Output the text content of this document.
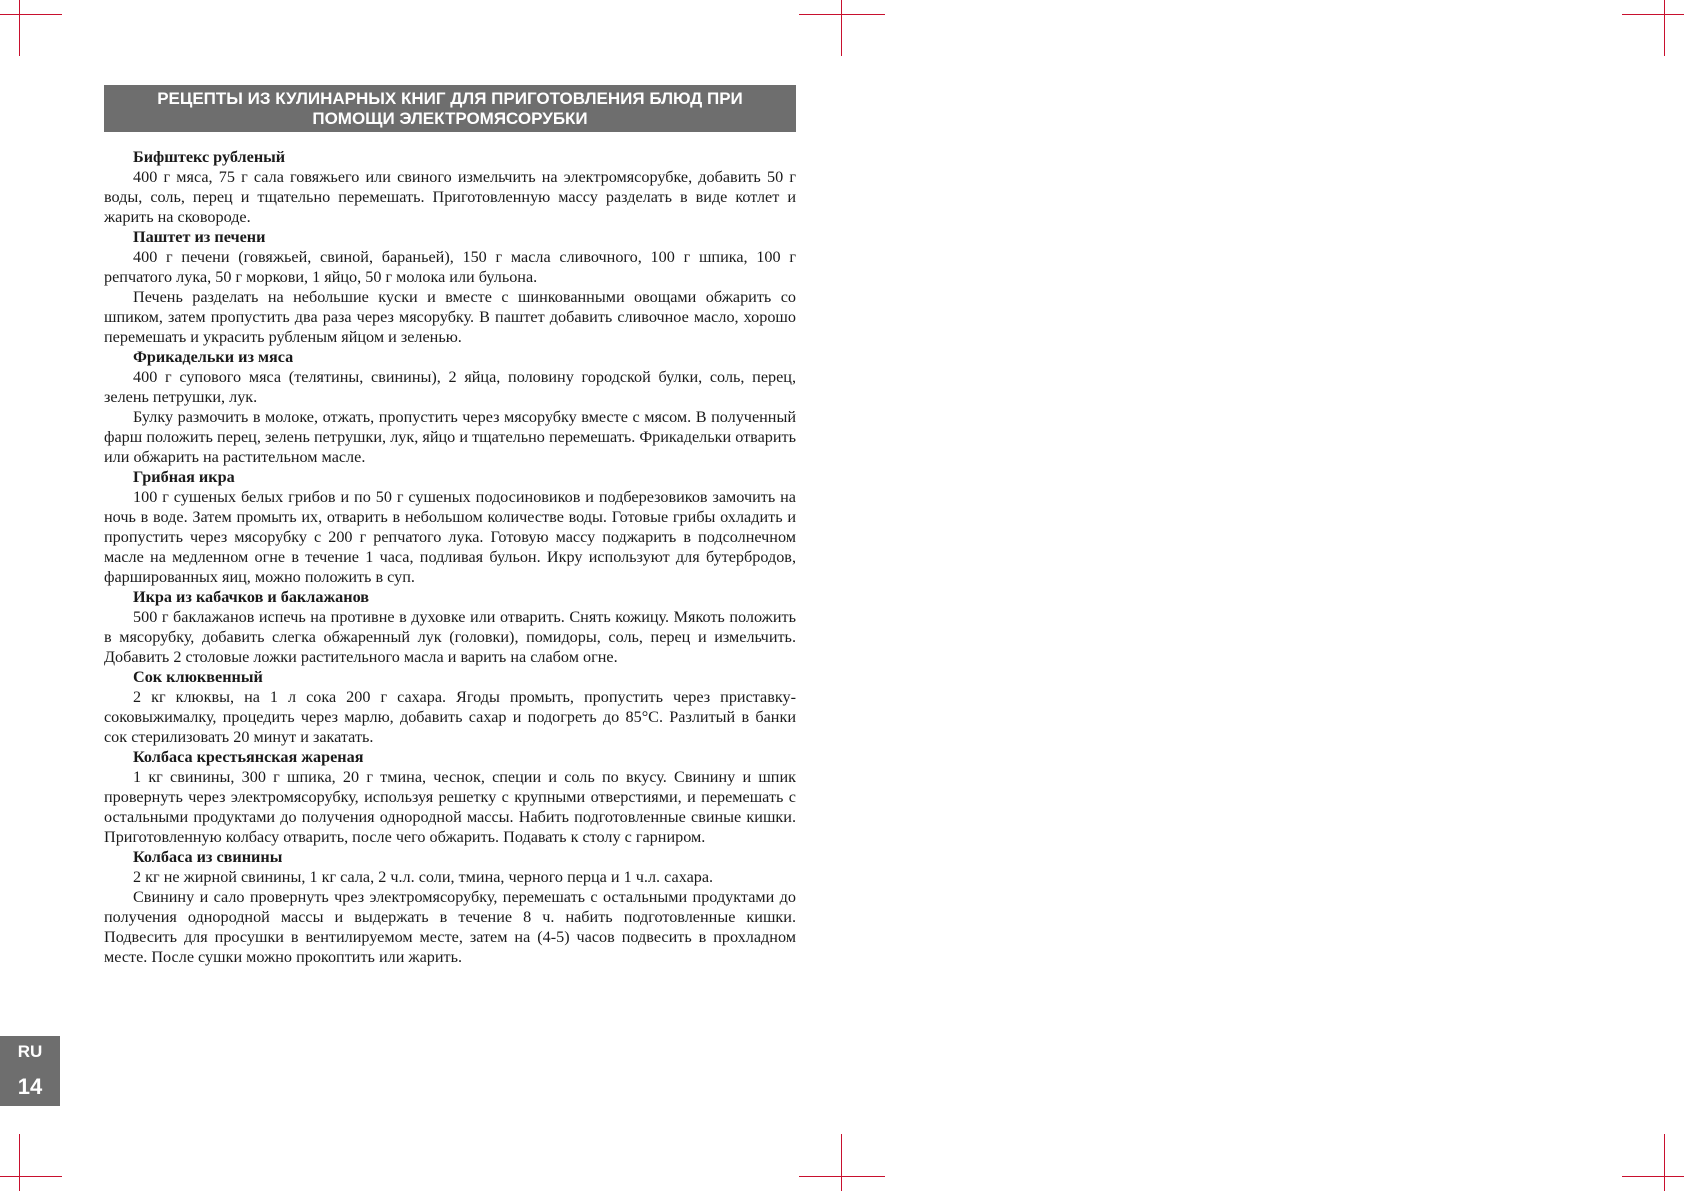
РЕЦЕПТЫ ИЗ КУЛИНАРНЫХ КНИГ ДЛЯ ПРИГОТОВЛЕНИЯ БЛЮД ПРИ
ПОМОЩИ ЭЛЕКТРОМЯСОРУБКИ

Бифштекс рубленый

400 г мяса, 75 г сала говяжьего или свиного измельчить на электромясорубке, добавить 50 г воды, соль, перец и тщательно перемешать. Приготовленную массу разделать в виде котлет и жарить на сковороде.

Паштет из печени

400 г печени (говяжьей, свиной, бараньей), 150 г масла сливочного, 100 г шпика, 100 г репчатого лука, 50 г моркови, 1 яйцо, 50 г молока или бульона.

Печень разделать на небольшие куски и вместе с шинкованными овощами обжарить со шпиком, затем пропустить два раза через мясорубку. В паштет добавить сливочное масло, хорошо перемешать и украсить рубленым яйцом и зеленью.

Фрикадельки из мяса

400 г супового мяса (телятины, свинины), 2 яйца, половину городской булки, соль, перец, зелень петрушки, лук.

Булку размочить в молоке, отжать, пропустить через мясорубку вместе с мясом. В полученный фарш положить перец, зелень петрушки, лук, яйцо и тщательно перемешать. Фрикадельки отварить или обжарить на растительном масле.

Грибная икра

100 г сушеных белых грибов и по 50 г сушеных подосиновиков и подберезовиков замочить на ночь в воде. Затем промыть их, отварить в небольшом количестве воды. Готовые грибы охладить и пропустить через мясорубку с 200 г репчатого лука. Готовую массу поджарить в подсолнечном масле на медленном огне в течение 1 часа, подливая бульон. Икру используют для бутербродов, фаршированных яиц, можно положить в суп.

Икра из кабачков и баклажанов

500 г баклажанов испечь на противне в духовке или отварить. Снять кожицу. Мякоть положить в мясорубку, добавить слегка обжаренный лук (головки), помидоры, соль, перец и измельчить. Добавить 2 столовые ложки растительного масла и варить на слабом огне.

Сок клюквенный

2 кг клюквы, на 1 л сока 200 г сахара. Ягоды промыть, пропустить через приставку-соковыжималку, процедить через марлю, добавить сахар и подогреть до 85°С. Разлитый в банки сок стерилизовать 20 минут и закатать.

Колбаса крестьянская жареная

1 кг свинины, 300 г шпика, 20 г тмина, чеснок, специи и соль по вкусу. Свинину и шпик провернуть через электромясорубку, используя решетку с крупными отверстиями, и перемешать с остальными продуктами до получения однородной массы. Набить подготовленные свиные кишки. Приготовленную колбасу отварить, после чего обжарить. Подавать к столу с гарниром.

Колбаса из свинины

2 кг не жирной свинины, 1 кг сала, 2 ч.л. соли, тмина, черного перца и 1 ч.л. сахара.

Свинину и сало провернуть чрез электромясорубку, перемешать с остальными продуктами до получения однородной массы и выдержать в течение 8 ч. набить подготовленные кишки. Подвесить для просушки в вентилируемом месте, затем на (4-5) часов подвесить в прохладном месте. После сушки можно прокоптить или жарить.

RU
14
